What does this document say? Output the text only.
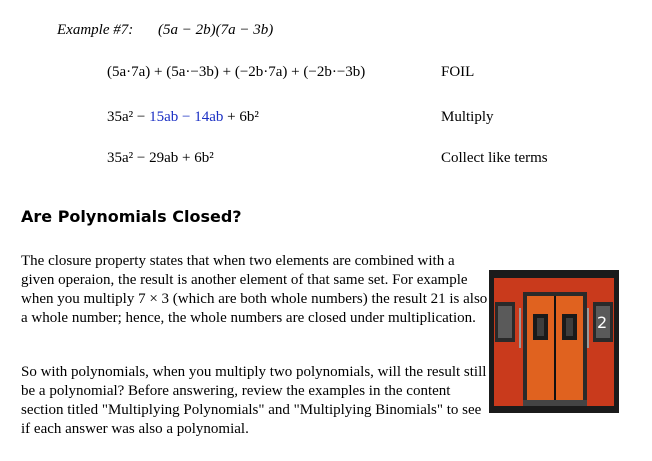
Example #7: (5a − 2b)(7a − 3b)
(5a·7a) + (5a·−3b) + (−2b·7a) + (−2b·−3b)	FOIL
35a² − 15ab − 14ab + 6b²	Multiply
35a² − 29ab + 6b²	Collect like terms
Are Polynomials Closed?

The closure property states that when two elements are combined with a given operaion, the result is another element of that same set. For example when you multiply 7 × 3 (which are both whole numbers) the result 21 is also a whole number; hence, the whole numbers are closed under multiplication.

So with polynomials, when you multiply two polynomials, will the result still be a polynomial? Before answering, review the examples in the content section titled "Multiplying Polynomials" and "Multiplying Binomials" to see if each answer was also a polynomial.

2
